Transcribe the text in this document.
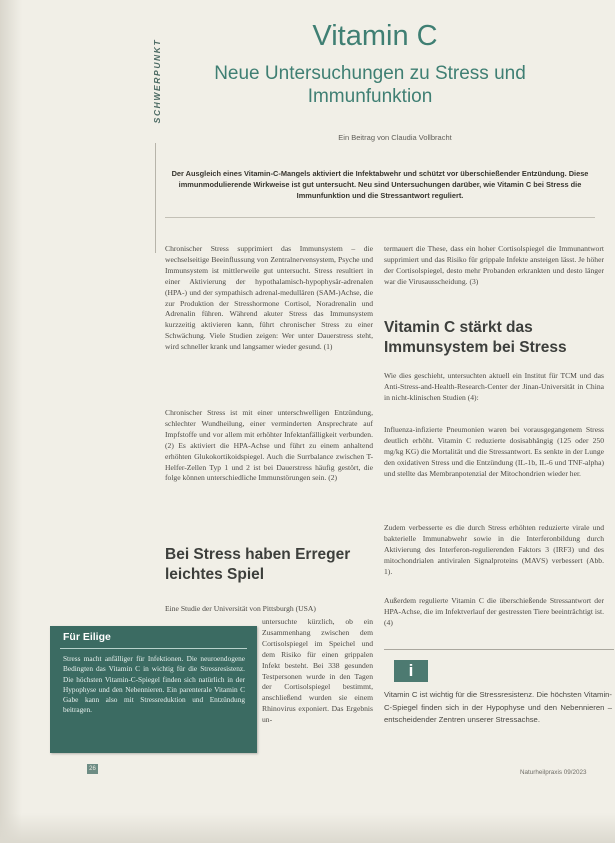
SCHWERPUNKT
Vitamin C
Neue Untersuchungen zu Stress und Immunfunktion
Ein Beitrag von Claudia Vollbracht
Der Ausgleich eines Vitamin-C-Mangels aktiviert die Infektabwehr und schützt vor überschießender Entzündung. Diese immunmodulierende Wirkweise ist gut untersucht. Neu sind Untersuchungen darüber, wie Vitamin C bei Stress die Immunfunktion und die Stressantwort reguliert.

Chronischer Stress supprimiert das Immunsystem – die wechselseitige Beeinflussung von Zentralnervensystem, Psyche und Immunsystem ist mittlerweile gut untersucht. Stress resultiert in einer Aktivierung der hypothalamisch-hypophysär-adrenalen (HPA-) und der sympathisch adrenal-medullären (SAM-)Achse, die zur Produktion der Stresshormone Cortisol, Noradrenalin und Adrenalin führen. Während akuter Stress das Immunsystem kurzzeitig aktivieren kann, führt chronischer Stress zu einer Schwächung. Viele Studien zeigen: Wer unter Dauerstress steht, wird schneller krank und langsamer wieder gesund. (1)

Chronischer Stress ist mit einer unterschwelligen Entzündung, schlechter Wundheilung, einer verminderten Ansprechrate auf Impfstoffe und vor allem mit erhöhter Infektanfälligkeit verbunden. (2) Es aktiviert die HPA-Achse und führt zu einem anhaltend erhöhten Glukokortikoidspiegel. Auch die Surrbalance zwischen T-Helfer-Zellen Typ 1 und 2 ist bei Dauerstress häufig gestört, die folge können unterschiedliche Immunstörungen sein. (2)

Bei Stress haben Erreger leichtes Spiel

Eine Studie der Universität von Pittsburgh (USA)

untersuchte kürzlich, ob ein Zusammenhang zwischen dem Cortisolspiegel im Speichel und dem Risiko für einen grippalen Infekt besteht. Bei 338 gesunden Testpersonen wurde in den Tagen der Cortisolspiegel bestimmt, anschließend wurden sie einem Rhinovirus exponiert. Das Ergebnis un-

Für Eilige

Stress macht anfälliger für Infektionen. Die neuroendogene Bedingten das Vitamin C in wichtig für die Stressresistenz. Die höchsten Vitamin-C-Spiegel finden sich natürlich in der Hypophyse und den Nebennieren. Ein parenterale Vitamin C Gabe kann also mit Stressreduktion und Entzündung beitragen.

26

termauert die These, dass ein hoher Cortisolspiegel die Immunantwort supprimiert und das Risiko für grippale Infekte ansteigen lässt. Je höher der Cortisolspiegel, desto mehr Probanden erkrankten und desto länger war die Virusausscheidung. (3)

Vitamin C stärkt das Immunsystem bei Stress

Wie dies geschieht, untersuchten aktuell ein Institut für TCM und das Anti-Stress-and-Health-Research-Center der Jinan-Universität in China in nicht-klinischen Studien (4):

Influenza-infizierte Pneumonien waren bei vorausgegangenem Stress deutlich erhöht. Vitamin C reduzierte dosisabhängig (125 oder 250 mg/kg KG) die Mortalität und die Stressantwort. Es senkte in der Lunge den oxidativen Stress und die Entzündung (IL-1b, IL-6 und TNF-alpha) und stellte das Membranpotenzial der Mitochondrien wieder her.

Zudem verbesserte es die durch Stress erhöhten reduzierte virale und bakterielle Immunabwehr sowie in die Interferonbildung durch Aktivierung des Interferon-regulierenden Faktors 3 (IRF3) und des mitochondrialen antiviralen Signalproteins (MAVS) verbessert (Abb. 1).

Außerdem regulierte Vitamin C die überschießende Stressantwort der HPA-Achse, die im Infektverlauf der gestressten Tiere beeinträchtigt ist. (4)

i

Vitamin C ist wichtig für die Stressresistenz. Die höchsten Vitamin-C-Spiegel finden sich in der Hypophyse und den Nebennieren – entscheidender Zentren unserer Stressachse.

Naturheilpraxis 09/2023
